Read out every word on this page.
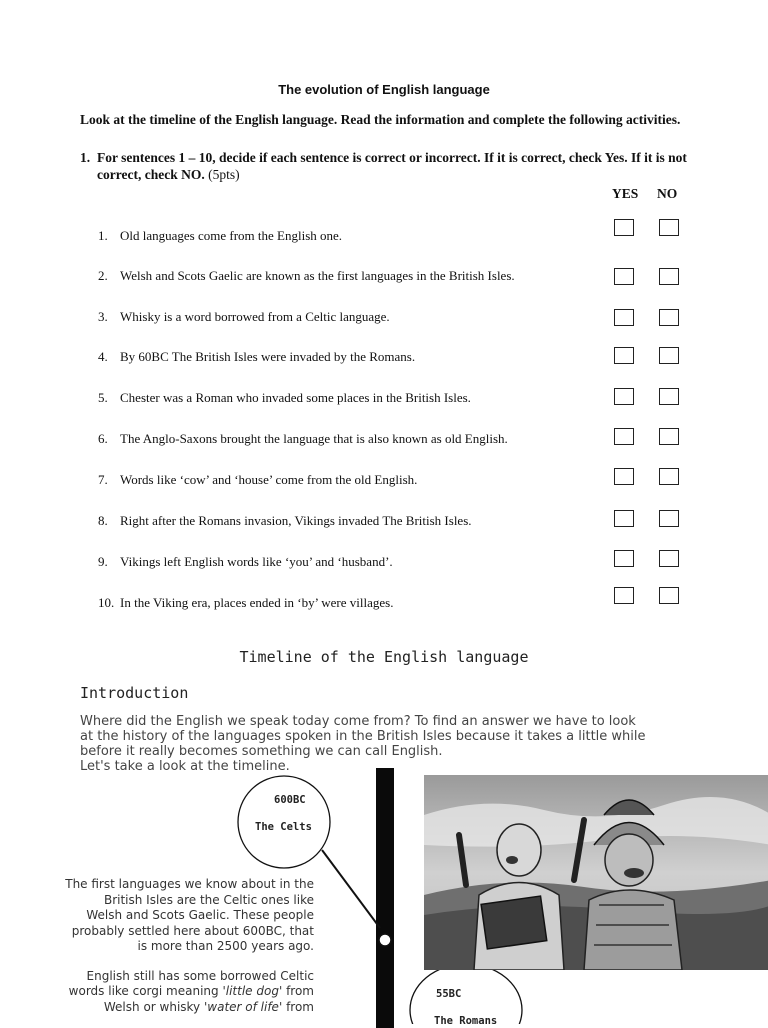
The evolution of English language
Look at the timeline of the English language. Read the information and complete the following activities.
1. For sentences 1 – 10, decide if each sentence is correct or incorrect. If it is correct, check Yes. If it is not correct, check NO. (5pts)
YES NO
1. Old languages come from the English one.
2. Welsh and Scots Gaelic are known as the first languages in the British Isles.
3. Whisky is a word borrowed from a Celtic language.
4. By 60BC The British Isles were invaded by the Romans.
5. Chester was a Roman who invaded some places in the British Isles.
6. The Anglo-Saxons brought the language that is also known as old English.
7. Words like ‘cow’ and ‘house’ come from the old English.
8. Right after the Romans invasion, Vikings invaded The British Isles.
9. Vikings left English words like ‘you’ and ‘husband’.
10. In the Viking era, places ended in ‘by’ were villages.
Timeline of the English language
Introduction
Where did the English we speak today come from? To find an answer we have to look
at the history of the languages spoken in the British Isles because it takes a little while
before it really becomes something we can call English.
Let's take a look at the timeline.
600BC
The Celts
55BC
The Romans
The first languages we know about in the
British Isles are the Celtic ones like
Welsh and Scots Gaelic. These people
probably settled here about 600BC, that
is more than 2500 years ago.
English still has some borrowed Celtic
words like corgi meaning 'little dog' from
Welsh or whisky 'water of life' from
